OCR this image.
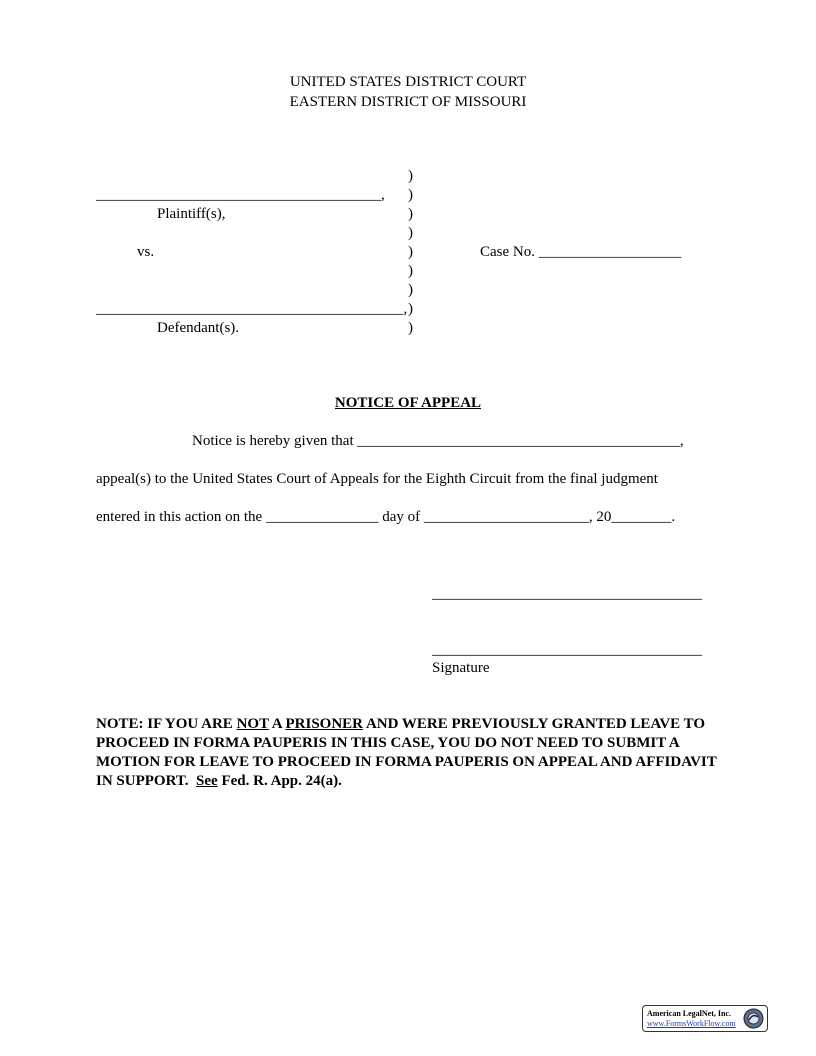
UNITED STATES DISTRICT COURT
EASTERN DISTRICT OF MISSOURI
)
)
)
)
)
)
)
)
)
______________________________________,
Plaintiff(s),
vs.
_________________________________________,
Defendant(s).
Case No. ___________________
NOTICE OF APPEAL
Notice is hereby given that ___________________________________________,
appeal(s) to the United States Court of Appeals for the Eighth Circuit from the final judgment
entered in this action on the _______________ day of ______________________, 20________.
____________________________________
____________________________________
Signature
NOTE: IF YOU ARE NOT A PRISONER AND WERE PREVIOUSLY GRANTED LEAVE TO PROCEED IN FORMA PAUPERIS IN THIS CASE, YOU DO NOT NEED TO SUBMIT A MOTION FOR LEAVE TO PROCEED IN FORMA PAUPERIS ON APPEAL AND AFFIDAVIT IN SUPPORT.  See Fed. R. App. 24(a).
American LegalNet, Inc.
www.FormsWorkFlow.com
